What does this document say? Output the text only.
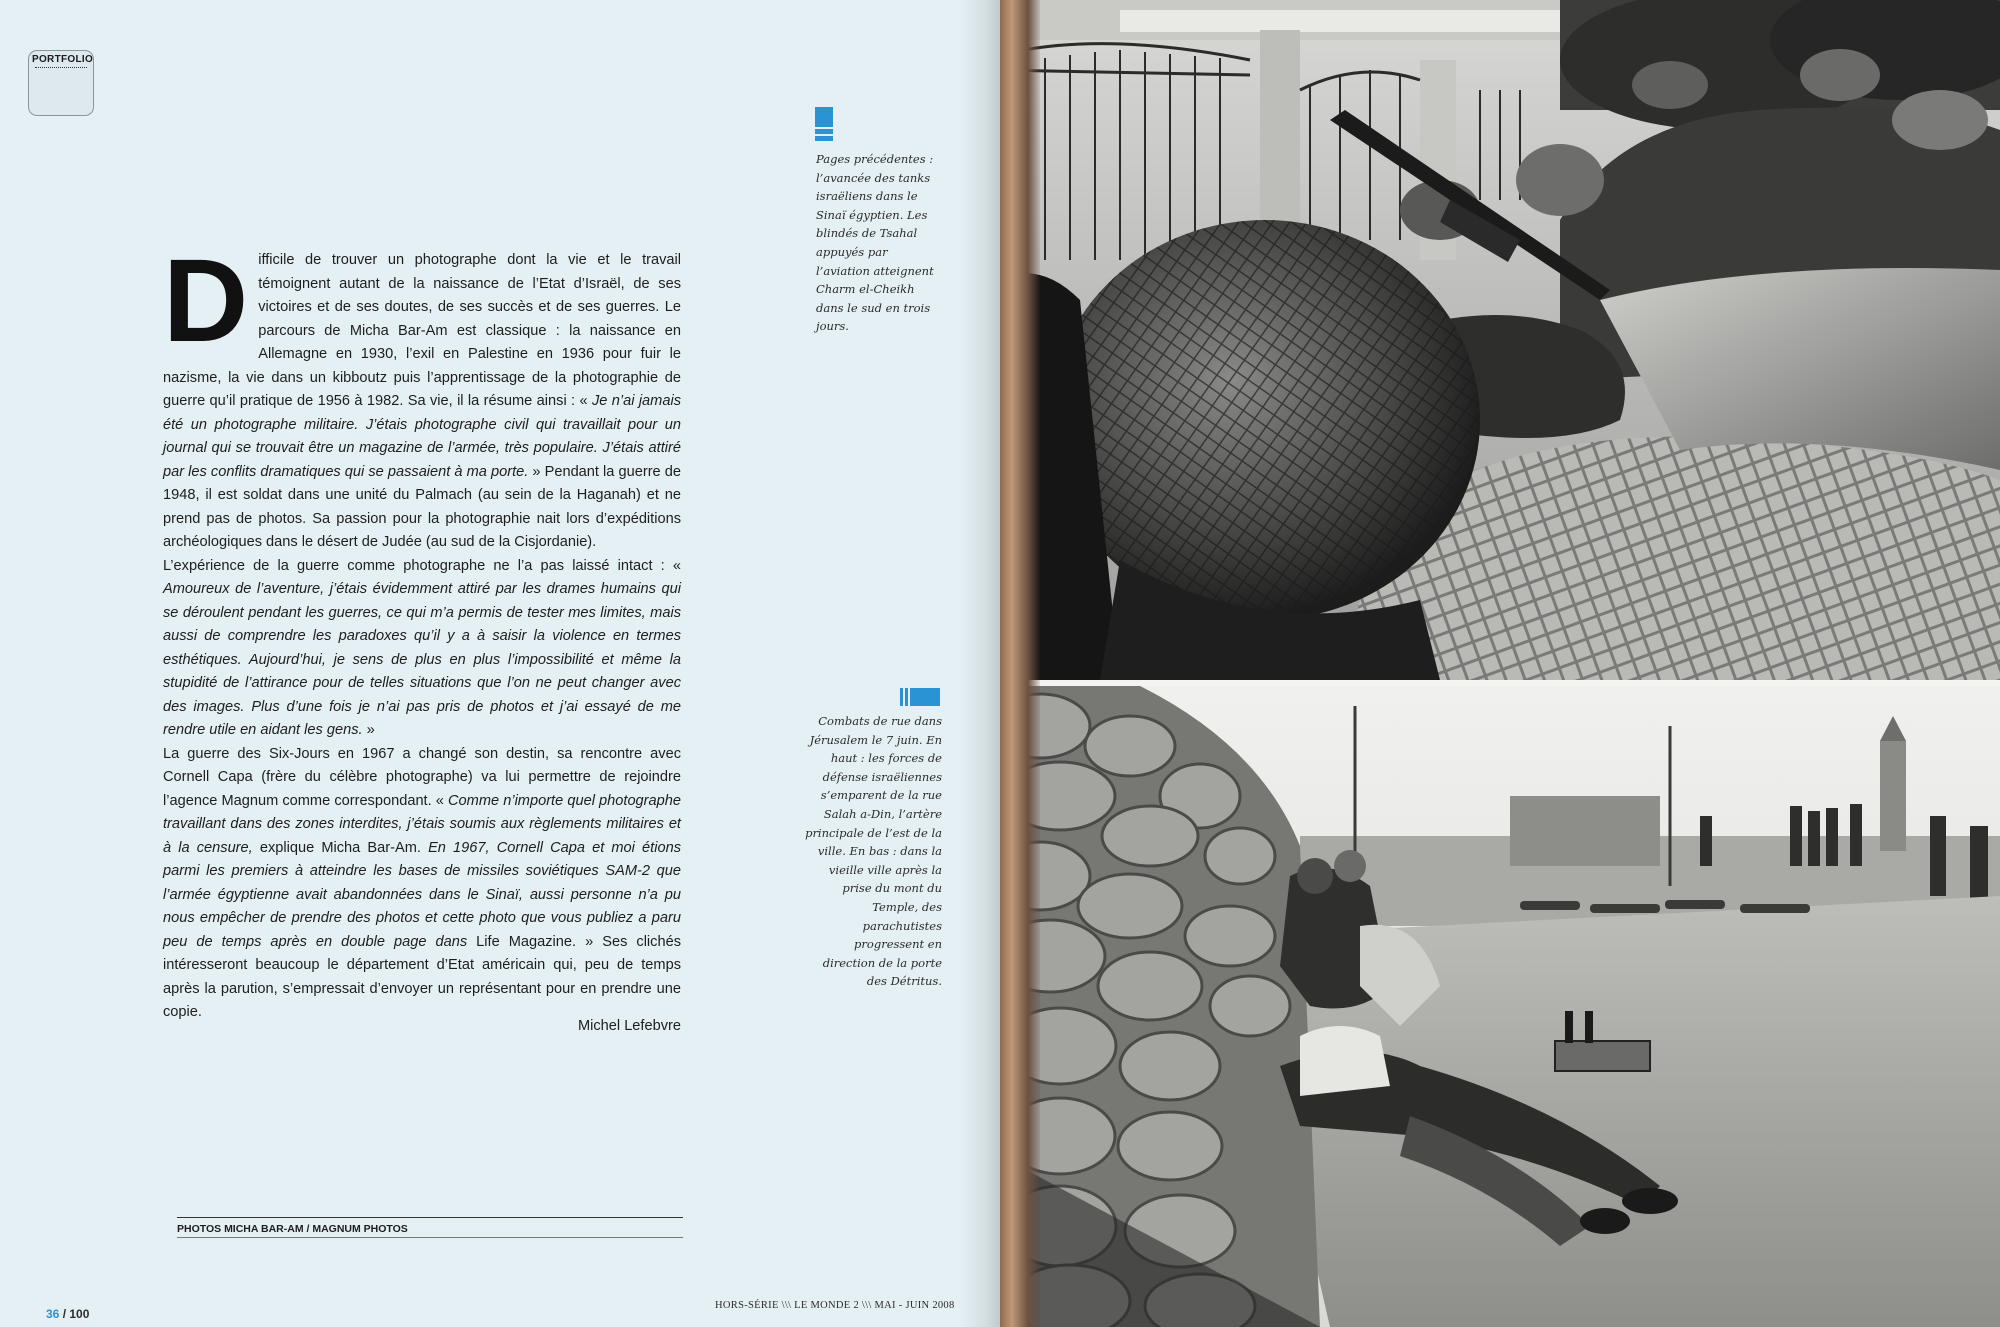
PORTFOLIO
D ifficile de trouver un photographe dont la vie et le travail témoignent autant de la naissance de l’Etat d’Israël, de ses victoires et de ses doutes, de ses succès et de ses guerres. Le parcours de Micha Bar-Am est classique : la naissance en Allemagne en 1930, l’exil en Palestine en 1936 pour fuir le nazisme, la vie dans un kibboutz puis l’apprentissage de la photographie de guerre qu’il pratique de 1956 à 1982. Sa vie, il la résume ainsi : « Je n’ai jamais été un photographe militaire. J’étais photographe civil qui travaillait pour un journal qui se trouvait être un magazine de l’armée, très populaire. J’étais attiré par les conflits dramatiques qui se passaient à ma porte. » Pendant la guerre de 1948, il est soldat dans une unité du Palmach (au sein de la Haganah) et ne prend pas de photos. Sa passion pour la photographie nait lors d’expéditions archéologiques dans le désert de Judée (au sud de la Cisjordanie).

L’expérience de la guerre comme photographe ne l’a pas laissé intact : « Amoureux de l’aventure, j’étais évidemment attiré par les drames humains qui se déroulent pendant les guerres, ce qui m’a permis de tester mes limites, mais aussi de comprendre les paradoxes qu’il y a à saisir la violence en termes esthétiques. Aujourd’hui, je sens de plus en plus l’impossibilité et même la stupidité de l’attirance pour de telles situations que l’on ne peut changer avec des images. Plus d’une fois je n’ai pas pris de photos et j’ai essayé de me rendre utile en aidant les gens. »

La guerre des Six-Jours en 1967 a changé son destin, sa rencontre avec Cornell Capa (frère du célèbre photographe) va lui permettre de rejoindre l’agence Magnum comme correspondant. « Comme n’importe quel photographe travaillant dans des zones interdites, j’étais soumis aux règlements militaires et à la censure, explique Micha Bar-Am. En 1967, Cornell Capa et moi étions parmi les premiers à atteindre les bases de missiles soviétiques SAM-2 que l’armée égyptienne avait abandonnées dans le Sinaï, aussi personne n’a pu nous empêcher de prendre des photos et cette photo que vous publiez a paru peu de temps après en double page dans Life Magazine. » Ses clichés intéresseront beaucoup le département d’Etat américain qui, peu de temps après la parution, s’empressait d’envoyer un représentant pour en prendre une copie.

Michel Lefebvre
Pages précédentes : l’avancée des tanks israëliens dans le Sinaï égyptien. Les blindés de Tsahal appuyés par l’aviation atteignent Charm el-Cheikh dans le sud en trois jours.
Combats de rue dans Jérusalem le 7 juin. En haut : les forces de défense israëliennes s’emparent de la rue Salah a-Din, l’artère principale de l’est de la ville. En bas : dans la vieille ville après la prise du mont du Temple, des parachutistes progressent en direction de la porte des Détritus.
PHOTOS MICHA BAR-AM / MAGNUM PHOTOS
36 / 100
HORS-SÉRIE \\\ LE MONDE 2 \\\ MAI - JUIN 2008
